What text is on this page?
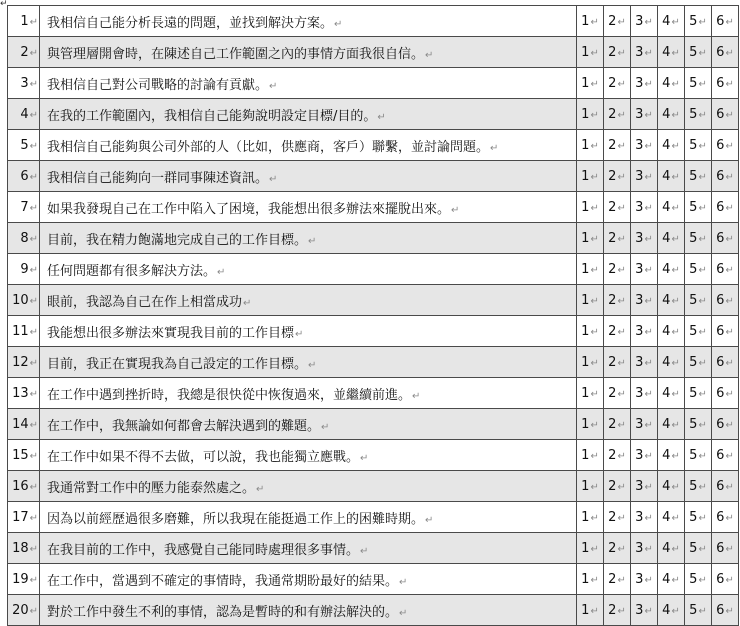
↵
1↵	我相信自己能分析長遠的問題，並找到解決方案。↵	1↵	2↵	3↵	4↵	5↵	6↵
2↵	與管理層開會時，在陳述自己工作範圍之內的事情方面我很自信。↵	1↵	2↵	3↵	4↵	5↵	6↵
3↵	我相信自己對公司戰略的討論有貢獻。↵	1↵	2↵	3↵	4↵	5↵	6↵
4↵	在我的工作範圍內，我相信自己能夠說明設定目標/目的。↵	1↵	2↵	3↵	4↵	5↵	6↵
5↵	我相信自己能夠與公司外部的人（比如，供應商，客戶）聯繫，並討論問題。↵	1↵	2↵	3↵	4↵	5↵	6↵
6↵	我相信自己能夠向一群同事陳述資訊。↵	1↵	2↵	3↵	4↵	5↵	6↵
7↵	如果我發現自己在工作中陷入了困境，我能想出很多辦法來擺脫出來。↵	1↵	2↵	3↵	4↵	5↵	6↵
8↵	目前，我在精力飽滿地完成自己的工作目標。↵	1↵	2↵	3↵	4↵	5↵	6↵
9↵	任何問題都有很多解決方法。↵	1↵	2↵	3↵	4↵	5↵	6↵
10↵	眼前，我認為自己在作上相當成功↵	1↵	2↵	3↵	4↵	5↵	6↵
11↵	我能想出很多辦法來實現我目前的工作目標↵	1↵	2↵	3↵	4↵	5↵	6↵
12↵	目前，我正在實現我為自己設定的工作目標。↵	1↵	2↵	3↵	4↵	5↵	6↵
13↵	在工作中遇到挫折時，我總是很快從中恢復過來，並繼續前進。↵	1↵	2↵	3↵	4↵	5↵	6↵
14↵	在工作中，我無論如何都會去解決遇到的難題。↵	1↵	2↵	3↵	4↵	5↵	6↵
15↵	在工作中如果不得不去做，可以說，我也能獨立應戰。↵	1↵	2↵	3↵	4↵	5↵	6↵
16↵	我通常對工作中的壓力能泰然處之。↵	1↵	2↵	3↵	4↵	5↵	6↵
17↵	因為以前經歷過很多磨難，所以我現在能挺過工作上的困難時期。↵	1↵	2↵	3↵	4↵	5↵	6↵
18↵	在我目前的工作中，我感覺自己能同時處理很多事情。↵	1↵	2↵	3↵	4↵	5↵	6↵
19↵	在工作中，當遇到不確定的事情時，我通常期盼最好的結果。↵	1↵	2↵	3↵	4↵	5↵	6↵
20↵	對於工作中發生不利的事情，認為是暫時的和有辦法解決的。↵	1↵	2↵	3↵	4↵	5↵	6↵
